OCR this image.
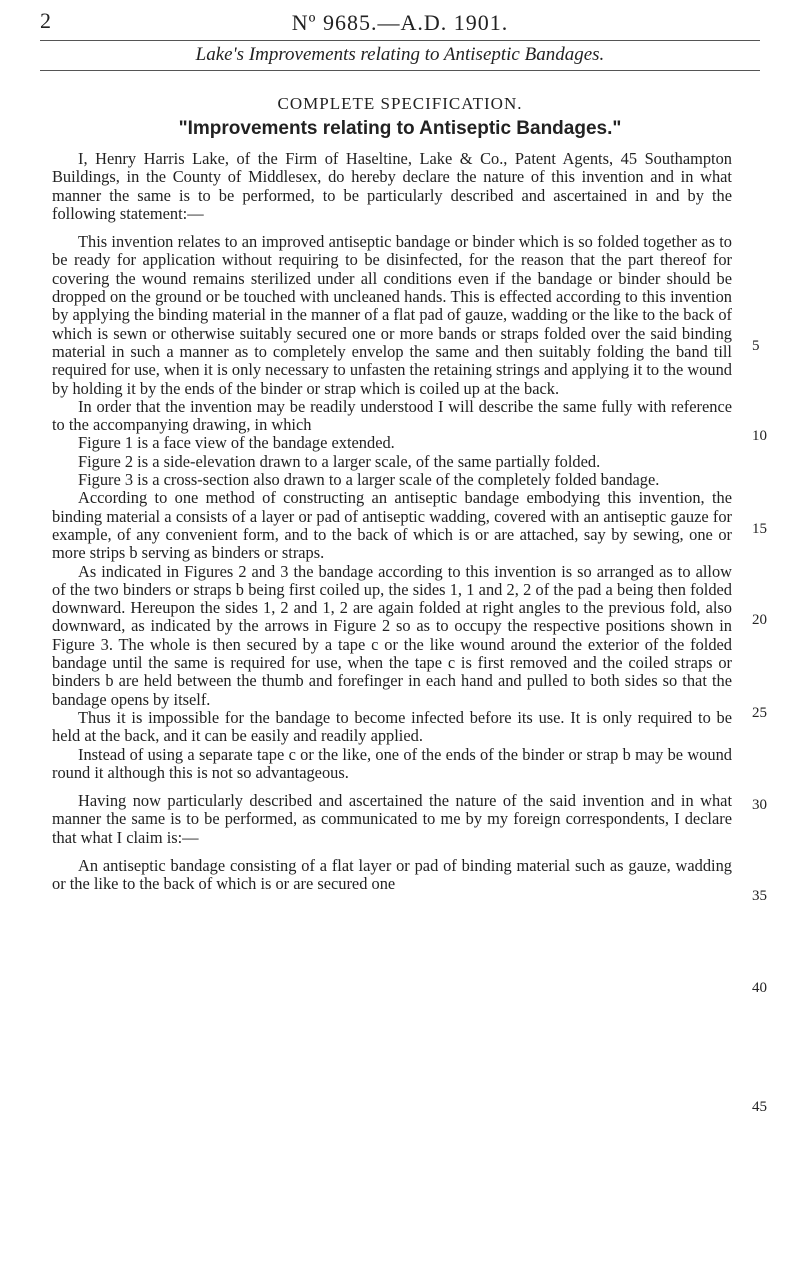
2	Nº 9685.—A.D. 1901.
Lake's Improvements relating to Antiseptic Bandages.
COMPLETE SPECIFICATION.
"Improvements relating to Antiseptic Bandages."

I, Henry Harris Lake, of the Firm of Haseltine, Lake & Co., Patent Agents, 45 Southampton Buildings, in the County of Middlesex, do hereby declare the nature of this invention and in what manner the same is to be performed, to be particularly described and ascertained in and by the following statement:—

This invention relates to an improved antiseptic bandage or binder which is so folded together as to be ready for application without requiring to be disinfected, for the reason that the part thereof for covering the wound remains sterilized under all conditions even if the bandage or binder should be dropped on the ground or be touched with uncleaned hands. This is effected according to this invention by applying the binding material in the manner of a flat pad of gauze, wadding or the like to the back of which is sewn or otherwise suitably secured one or more bands or straps folded over the said binding material in such a manner as to completely envelop the same and then suitably folding the band till required for use, when it is only necessary to unfasten the retaining strings and applying it to the wound by holding it by the ends of the binder or strap which is coiled up at the back.

In order that the invention may be readily understood I will describe the same fully with reference to the accompanying drawing, in which

Figure 1 is a face view of the bandage extended.

Figure 2 is a side-elevation drawn to a larger scale, of the same partially folded.

Figure 3 is a cross-section also drawn to a larger scale of the completely folded bandage.

According to one method of constructing an antiseptic bandage embodying this invention, the binding material a consists of a layer or pad of antiseptic wadding, covered with an antiseptic gauze for example, of any convenient form, and to the back of which is or are attached, say by sewing, one or more strips b serving as binders or straps.

As indicated in Figures 2 and 3 the bandage according to this invention is so arranged as to allow of the two binders or straps b being first coiled up, the sides 1, 1 and 2, 2 of the pad a being then folded downward. Hereupon the sides 1, 2 and 1, 2 are again folded at right angles to the previous fold, also downward, as indicated by the arrows in Figure 2 so as to occupy the respective positions shown in Figure 3. The whole is then secured by a tape c or the like wound around the exterior of the folded bandage until the same is required for use, when the tape c is first removed and the coiled straps or binders b are held between the thumb and forefinger in each hand and pulled to both sides so that the bandage opens by itself.

Thus it is impossible for the bandage to become infected before its use. It is only required to be held at the back, and it can be easily and readily applied.

Instead of using a separate tape c or the like, one of the ends of the binder or strap b may be wound round it although this is not so advantageous.

Having now particularly described and ascertained the nature of the said invention and in what manner the same is to be performed, as communicated to me by my foreign correspondents, I declare that what I claim is:—

An antiseptic bandage consisting of a flat layer or pad of binding material such as gauze, wadding or the like to the back of which is or are secured one

5
10
15
20
25
30
35
40
45
